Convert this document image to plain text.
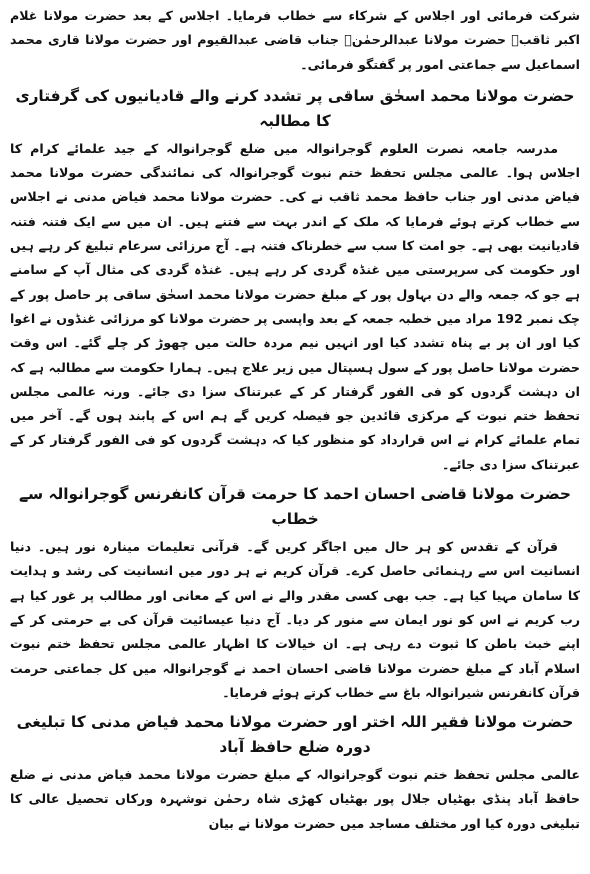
شرکت فرمائی اور اجلاس کے شرکاء سے خطاب فرمایا۔ اجلاس کے بعد حضرت مولانا غلام اکبر ثاقبؔ حضرت مولانا عبدالرحمٰنؔ جناب قاضی عبدالقیوم اور حضرت مولانا قاری محمد اسماعیل سے جماعتی امور پر گفتگو فرمائی۔

حضرت مولانا محمد اسحٰق ساقی پر تشدد کرنے والے قادیانیوں کی گرفتاری کا مطالبہ

مدرسہ جامعہ نصرت العلوم گوجرانوالہ میں ضلع گوجرانوالہ کے جید علمائے کرام کا اجلاس ہوا۔ عالمی مجلس تحفظ ختم نبوت گوجرانوالہ کی نمائندگی حضرت مولانا محمد فیاض مدنی اور جناب حافظ محمد ثاقب نے کی۔ حضرت مولانا محمد فیاض مدنی نے اجلاس سے خطاب کرتے ہوئے فرمایا کہ ملک کے اندر بہت سے فتنے ہیں۔ ان میں سے ایک فتنہ فتنہ قادیانیت بھی ہے۔ جو امت کا سب سے خطرناک فتنہ ہے۔ آج مرزائی سرعام تبلیغ کر رہے ہیں اور حکومت کی سرپرستی میں غنڈہ گردی کر رہے ہیں۔ غنڈہ گردی کی مثال آپ کے سامنے ہے جو کہ جمعہ والے دن بہاول پور کے مبلغ حضرت مولانا محمد اسحٰق ساقی پر حاصل پور کے چک نمبر 192 مراد میں خطبہ جمعہ کے بعد واپسی پر حضرت مولانا کو مرزائی غنڈوں نے اغوا کیا اور ان پر بے پناہ تشدد کیا اور انہیں نیم مردہ حالت میں چھوڑ کر چلے گئے۔ اس وقت حضرت مولانا حاصل پور کے سول ہسپتال میں زیر علاج ہیں۔ ہمارا حکومت سے مطالبہ ہے کہ ان دہشت گردوں کو فی الفور گرفتار کر کے عبرتناک سزا دی جائے۔ ورنہ عالمی مجلس تحفظ ختم نبوت کے مرکزی قائدین جو فیصلہ کریں گے ہم اس کے پابند ہوں گے۔ آخر میں تمام علمائے کرام نے اس قرارداد کو منظور کیا کہ دہشت گردوں کو فی الفور گرفتار کر کے عبرتناک سزا دی جائے۔

حضرت مولانا قاضی احسان احمد کا حرمت قرآن کانفرنس گوجرانوالہ سے خطاب

قرآن کے تقدس کو ہر حال میں اجاگر کریں گے۔ قرآنی تعلیمات مینارہ نور ہیں۔ دنیا انسانیت اس سے رہنمائی حاصل کرے۔ قرآن کریم نے ہر دور میں انسانیت کی رشد و ہدایت کا سامان مہیا کیا ہے۔ جب بھی کسی مقدر والے نے اس کے معانی اور مطالب پر غور کیا ہے رب کریم نے اس کو نور ایمان سے منور کر دیا۔ آج دنیا عیسائیت قرآن کی بے حرمتی کر کے اپنے خبث باطن کا ثبوت دے رہی ہے۔ ان خیالات کا اظہار عالمی مجلس تحفظ ختم نبوت اسلام آباد کے مبلغ حضرت مولانا قاضی احسان احمد نے گوجرانوالہ میں کل جماعتی حرمت قرآن کانفرنس شیرانوالہ باغ سے خطاب کرتے ہوئے فرمایا۔

حضرت مولانا فقیر اللہ اختر اور حضرت مولانا محمد فیاض مدنی کا تبلیغی دورہ ضلع حافظ آباد

عالمی مجلس تحفظ ختم نبوت گوجرانوالہ کے مبلغ حضرت مولانا محمد فیاض مدنی نے ضلع حافظ آباد پنڈی بھٹیاں جلال پور بھٹیاں کھڑی شاہ رحمٰن نوشہرہ ورکاں تحصیل عالی کا تبلیغی دورہ کیا اور مختلف مساجد میں حضرت مولانا نے بیان
